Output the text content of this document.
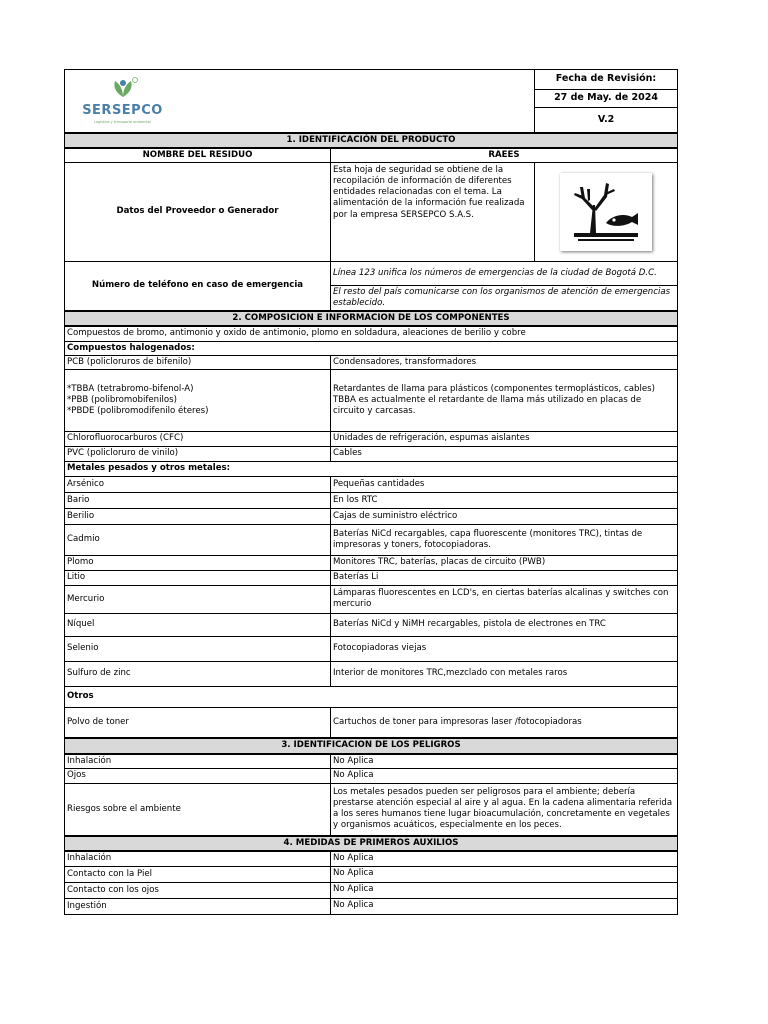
SERSEPCO
Logística y transporte ambiental		Fecha de Revisión:
		27 de May. de 2024
		V.2
1. IDENTIFICACIÓN DEL PRODUCTO		
NOMBRE DEL RESIDUO	RAEES	
Datos del Proveedor o Generador	Esta hoja de seguridad se obtiene de la recopilación de información de diferentes entidades relacionadas con el tema. La alimentación de la información fue realizada por la empresa SERSEPCO S.A.S.	

Número de teléfono en caso de emergencia	Línea 123 unifica los números de emergencias de la ciudad de Bogotá D.C.	
	El resto del país comunicarse con los organismos de atención de emergencias establecido.	
2. COMPOSICION E INFORMACION DE LOS COMPONENTES		
Compuestos de bromo, antimonio y oxido de antimonio, plomo en soldadura, aleaciones de berilio y cobre		
Compuestos halogenados:		
PCB (policloruros de bifenilo)	Condensadores, transformadores	
*TBBA (tetrabromo-bifenol-A)
*PBB (polibromobifenilos)
*PBDE (polibromodifenilo éteres)	Retardantes de llama para plásticos (componentes termoplásticos, cables) TBBA es actualmente el retardante de llama más utilizado en placas de circuito y carcasas.	
Chlorofluorocarburos (CFC)	Unidades de refrigeración, espumas aislantes	
PVC (policloruro de vinilo)	Cables	
Metales pesados y otros metales:		
Arsénico	Pequeñas cantidades	
Bario	En los RTC	
Berilio	Cajas de suministro eléctrico	
Cadmio	Baterías NiCd recargables, capa fluorescente (monitores TRC), tintas de impresoras y toners, fotocopiadoras.	
Plomo	Monitores TRC, baterías, placas de circuito (PWB)	
Litio	Baterías Li	
Mercurio	Lámparas fluorescentes en LCD's, en ciertas baterías alcalinas y switches con mercurio	
Níquel	Baterías NiCd y NiMH recargables, pistola de electrones en TRC	
Selenio	Fotocopiadoras viejas	
Sulfuro de zinc	Interior de monitores TRC,mezclado con metales raros	
Otros		
Polvo de toner	Cartuchos de toner para impresoras laser /fotocopiadoras	
3. IDENTIFICACION DE LOS PELIGROS		
Inhalación	No Aplica	
Ojos	No Aplica	
Riesgos sobre el ambiente	Los metales pesados pueden ser peligrosos para el ambiente; debería prestarse atención especial al aire y al agua. En la cadena alimentaria referida a los seres humanos tiene lugar bioacumulación, concretamente en vegetales y organismos acuáticos, especialmente en los peces.	
4. MEDIDAS DE PRIMEROS AUXILIOS		
Inhalación	No Aplica	
Contacto con la Piel	No Aplica	
Contacto con los ojos	No Aplica	
Ingestión	No Aplica	
